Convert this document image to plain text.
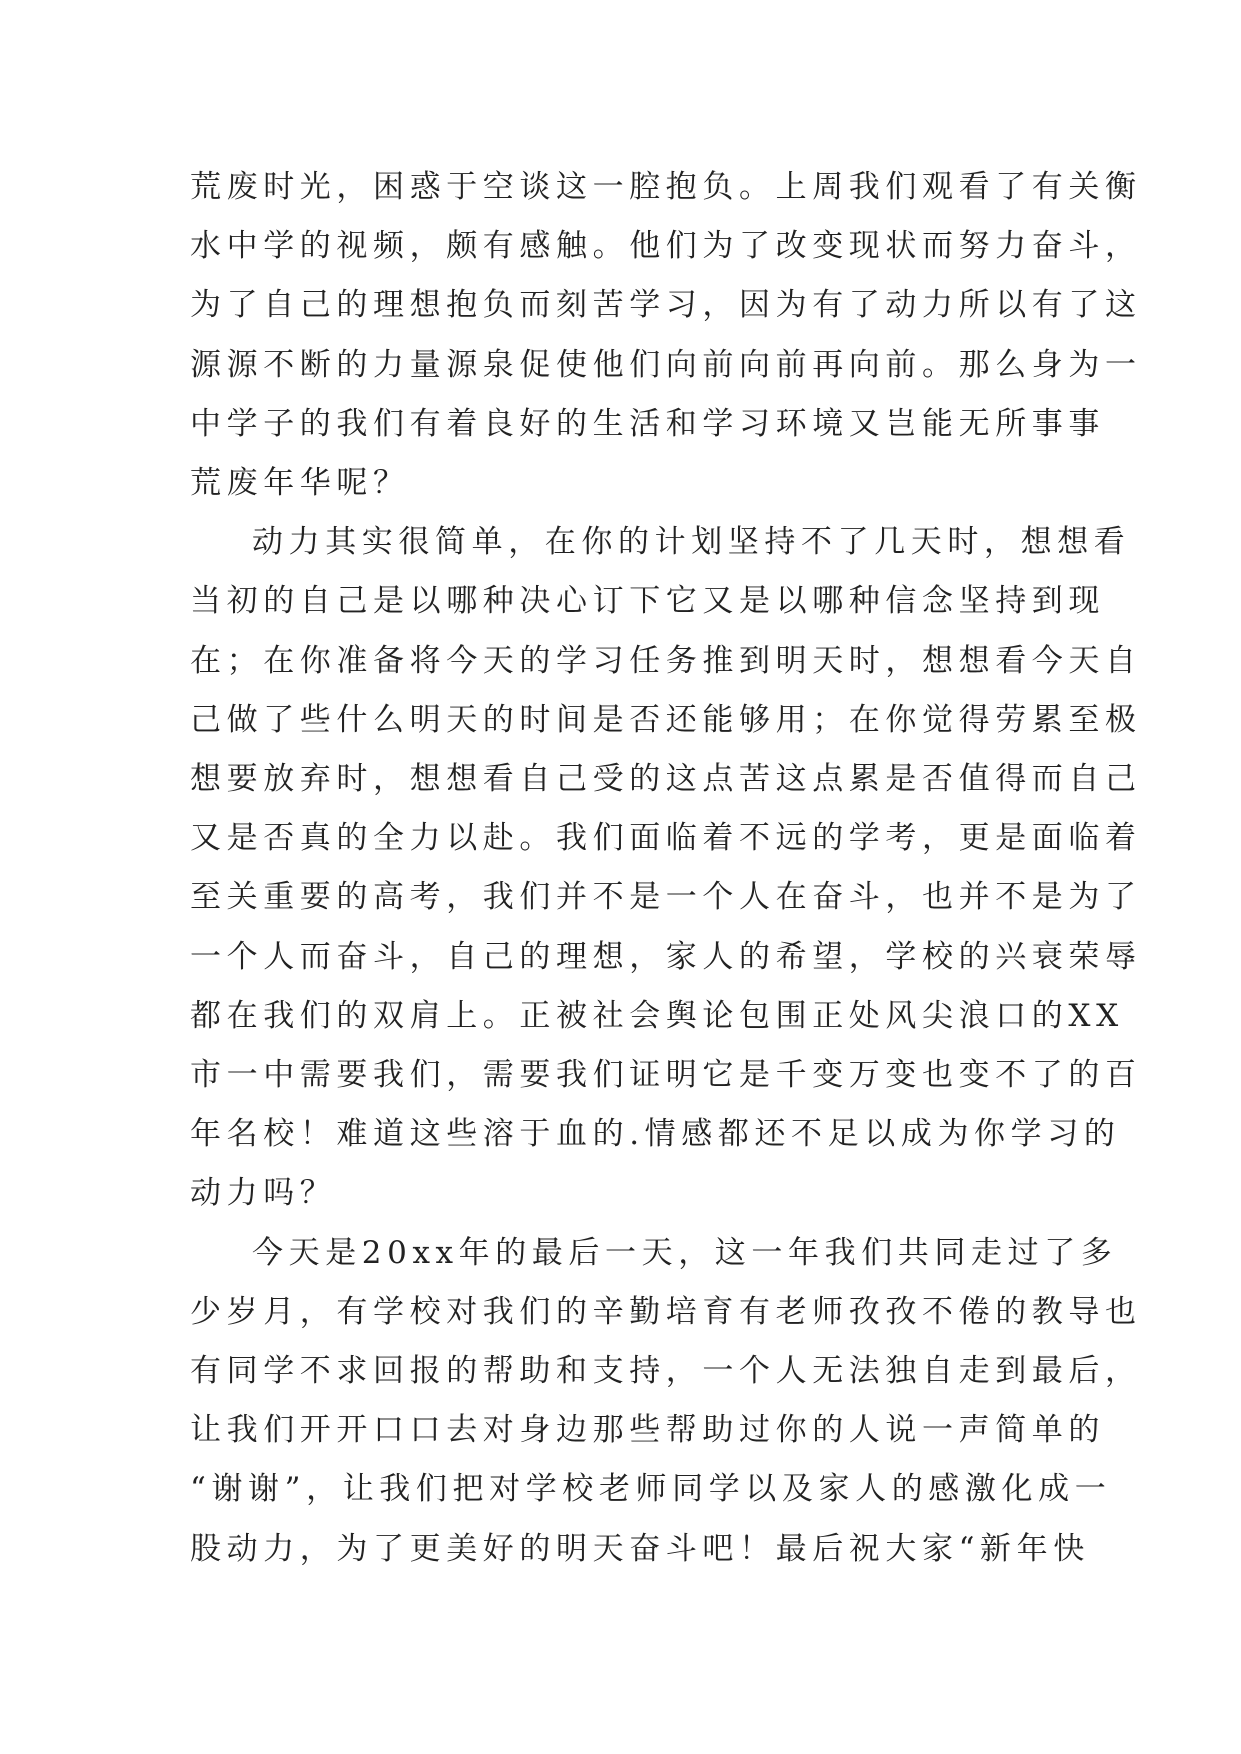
荒废时光，困惑于空谈这一腔抱负。上周我们观看了有关衡
水中学的视频，颇有感触。他们为了改变现状而努力奋斗，
为了自己的理想抱负而刻苦学习，因为有了动力所以有了这
源源不断的力量源泉促使他们向前向前再向前。那么身为一
中学子的我们有着良好的生活和学习环境又岂能无所事事
荒废年华呢？
动力其实很简单，在你的计划坚持不了几天时，想想看
当初的自己是以哪种决心订下它又是以哪种信念坚持到现
在；在你准备将今天的学习任务推到明天时，想想看今天自
己做了些什么明天的时间是否还能够用；在你觉得劳累至极
想要放弃时，想想看自己受的这点苦这点累是否值得而自己
又是否真的全力以赴。我们面临着不远的学考，更是面临着
至关重要的高考，我们并不是一个人在奋斗，也并不是为了
一个人而奋斗，自己的理想，家人的希望，学校的兴衰荣辱
都在我们的双肩上。正被社会舆论包围正处风尖浪口的XX
市一中需要我们，需要我们证明它是千变万变也变不了的百
年名校！难道这些溶于血的.情感都还不足以成为你学习的
动力吗？
今天是20xx年的最后一天，这一年我们共同走过了多
少岁月，有学校对我们的辛勤培育有老师孜孜不倦的教导也
有同学不求回报的帮助和支持，一个人无法独自走到最后，
让我们开开口口去对身边那些帮助过你的人说一声简单的
“谢谢”，让我们把对学校老师同学以及家人的感激化成一
股动力，为了更美好的明天奋斗吧！最后祝大家“新年快
